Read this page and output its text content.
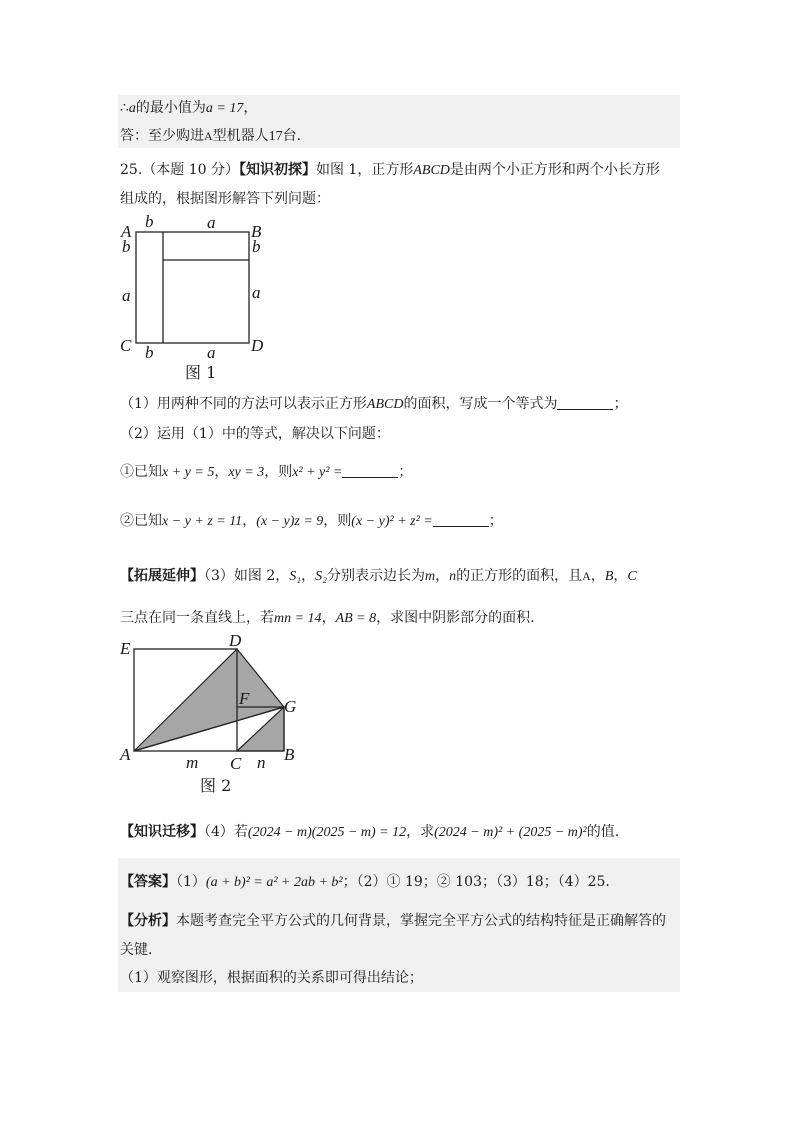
∴a的最小值为a = 17，
答：至少购进A型机器人17台.
25.（本题 10 分）【知识初探】如图 1，正方形ABCD是由两个小正方形和两个小长方形
组成的，根据图形解答下列问题：
A	B
C	D
b	a
b	b
a	a
b	a
图 1
（1）用两种不同的方法可以表示正方形ABCD的面积，写成一个等式为	；
（2）运用（1）中的等式，解决以下问题：
①已知x + y = 5，xy = 3，则x² + y² =	；
②已知x − y + z = 11，(x − y)z = 9，则(x − y)² + z² =	；
【拓展延伸】（3）如图 2，S₁，S₂分别表示边长为m，n的正方形的面积，且A，B，C
三点在同一条直线上，若mn = 14，AB = 8，求图中阴影部分的面积.
E	D
F G
A	C	B
m	n
图 2
【知识迁移】（4）若(2024 − m)(2025 − m) = 12，求(2024 − m)² + (2025 − m)²的值.
【答案】（1）(a + b)² = a² + 2ab + b²；（2）① 19；② 103；（3）18；（4）25.
【分析】本题考查完全平方公式的几何背景，掌握完全平方公式的结构特征是正确解答的
关键.
（1）观察图形，根据面积的关系即可得出结论；
